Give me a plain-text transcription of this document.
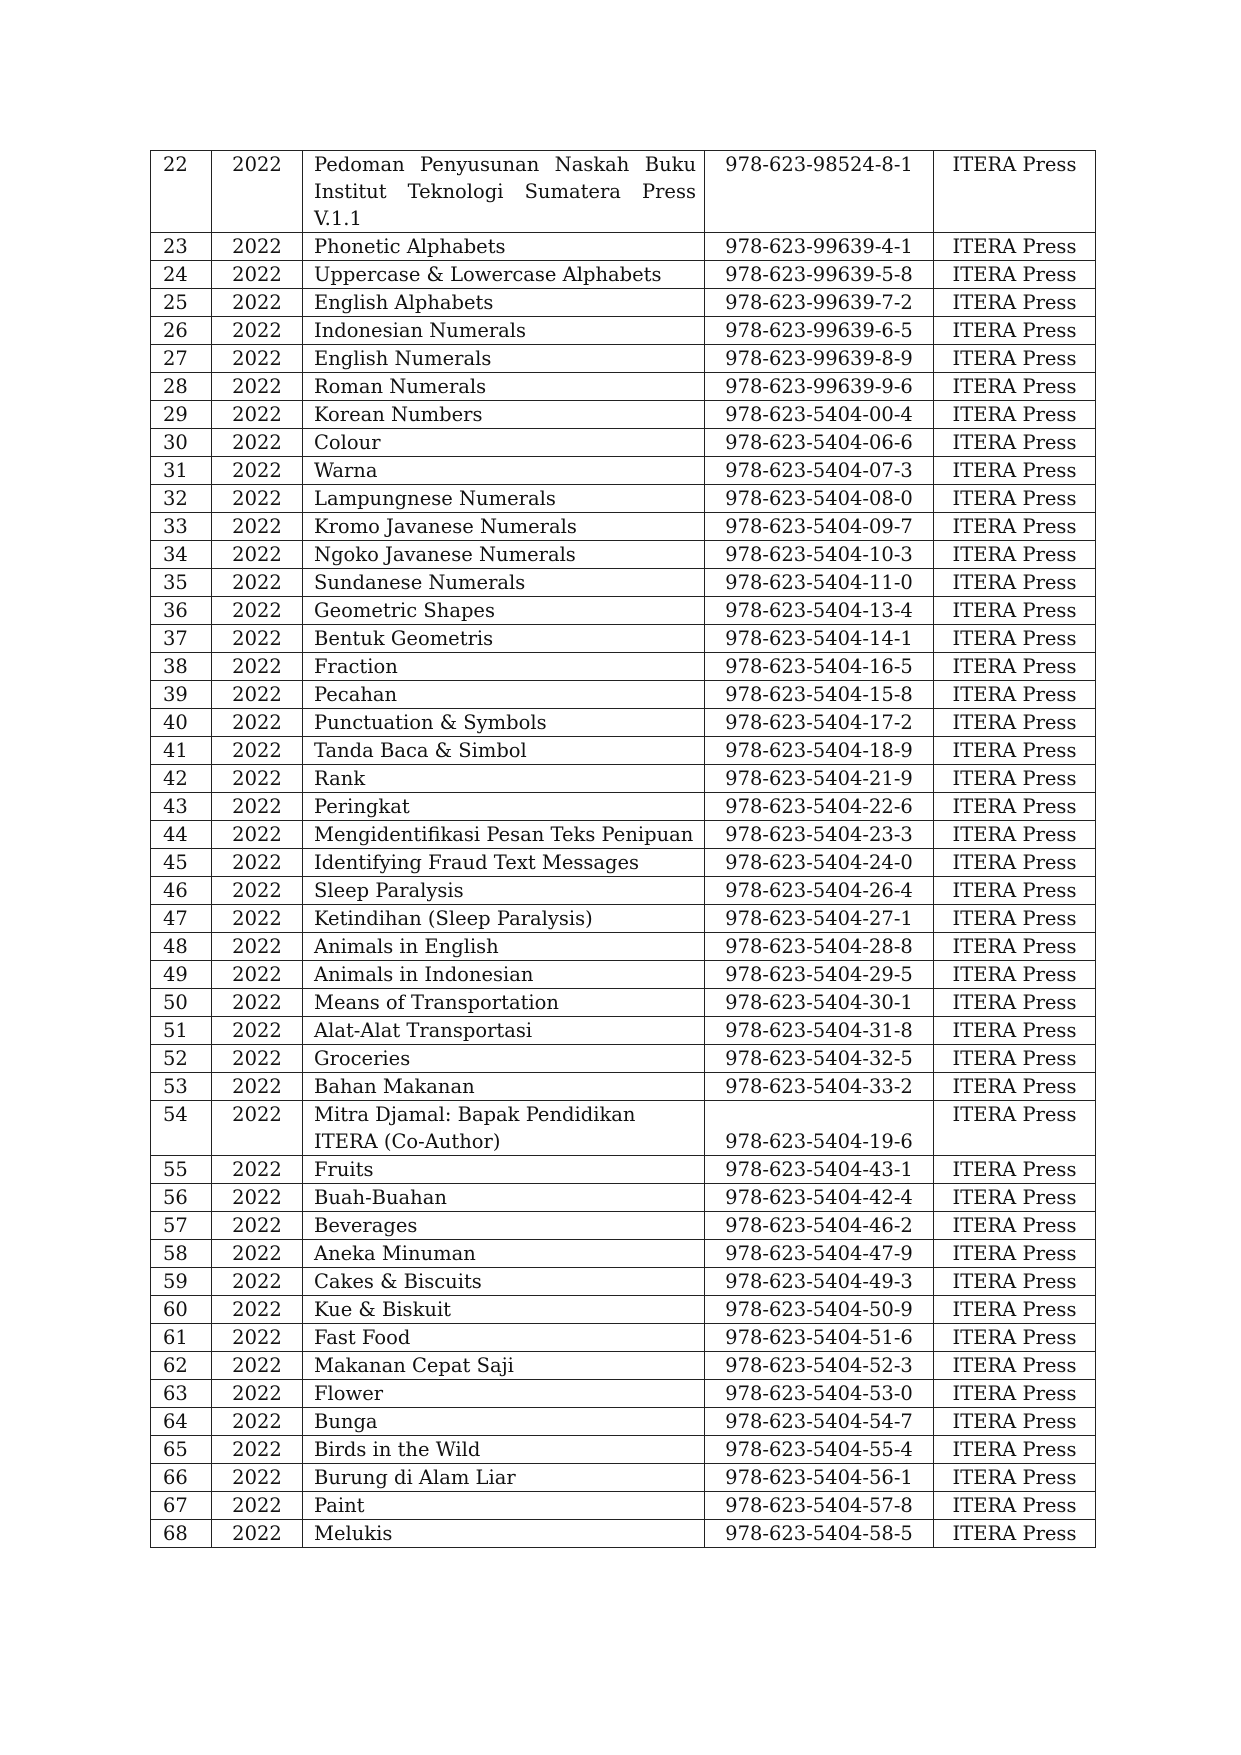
22	2022	Pedoman Penyusunan Naskah Buku Institut Teknologi Sumatera Press V.1.1	978-623-98524-8-1	ITERA Press
23	2022	Phonetic Alphabets	978-623-99639-4-1	ITERA Press
24	2022	Uppercase & Lowercase Alphabets	978-623-99639-5-8	ITERA Press
25	2022	English Alphabets	978-623-99639-7-2	ITERA Press
26	2022	Indonesian Numerals	978-623-99639-6-5	ITERA Press
27	2022	English Numerals	978-623-99639-8-9	ITERA Press
28	2022	Roman Numerals	978-623-99639-9-6	ITERA Press
29	2022	Korean Numbers	978-623-5404-00-4	ITERA Press
30	2022	Colour	978-623-5404-06-6	ITERA Press
31	2022	Warna	978-623-5404-07-3	ITERA Press
32	2022	Lampungnese Numerals	978-623-5404-08-0	ITERA Press
33	2022	Kromo Javanese Numerals	978-623-5404-09-7	ITERA Press
34	2022	Ngoko Javanese Numerals	978-623-5404-10-3	ITERA Press
35	2022	Sundanese Numerals	978-623-5404-11-0	ITERA Press
36	2022	Geometric Shapes	978-623-5404-13-4	ITERA Press
37	2022	Bentuk Geometris	978-623-5404-14-1	ITERA Press
38	2022	Fraction	978-623-5404-16-5	ITERA Press
39	2022	Pecahan	978-623-5404-15-8	ITERA Press
40	2022	Punctuation & Symbols	978-623-5404-17-2	ITERA Press
41	2022	Tanda Baca & Simbol	978-623-5404-18-9	ITERA Press
42	2022	Rank	978-623-5404-21-9	ITERA Press
43	2022	Peringkat	978-623-5404-22-6	ITERA Press
44	2022	Mengidentifikasi Pesan Teks Penipuan	978-623-5404-23-3	ITERA Press
45	2022	Identifying Fraud Text Messages	978-623-5404-24-0	ITERA Press
46	2022	Sleep Paralysis	978-623-5404-26-4	ITERA Press
47	2022	Ketindihan (Sleep Paralysis)	978-623-5404-27-1	ITERA Press
48	2022	Animals in English	978-623-5404-28-8	ITERA Press
49	2022	Animals in Indonesian	978-623-5404-29-5	ITERA Press
50	2022	Means of Transportation	978-623-5404-30-1	ITERA Press
51	2022	Alat-Alat Transportasi	978-623-5404-31-8	ITERA Press
52	2022	Groceries	978-623-5404-32-5	ITERA Press
53	2022	Bahan Makanan	978-623-5404-33-2	ITERA Press
54	2022	Mitra Djamal: Bapak Pendidikan ITERA (Co-Author)	978-623-5404-19-6	ITERA Press
55	2022	Fruits	978-623-5404-43-1	ITERA Press
56	2022	Buah-Buahan	978-623-5404-42-4	ITERA Press
57	2022	Beverages	978-623-5404-46-2	ITERA Press
58	2022	Aneka Minuman	978-623-5404-47-9	ITERA Press
59	2022	Cakes & Biscuits	978-623-5404-49-3	ITERA Press
60	2022	Kue & Biskuit	978-623-5404-50-9	ITERA Press
61	2022	Fast Food	978-623-5404-51-6	ITERA Press
62	2022	Makanan Cepat Saji	978-623-5404-52-3	ITERA Press
63	2022	Flower	978-623-5404-53-0	ITERA Press
64	2022	Bunga	978-623-5404-54-7	ITERA Press
65	2022	Birds in the Wild	978-623-5404-55-4	ITERA Press
66	2022	Burung di Alam Liar	978-623-5404-56-1	ITERA Press
67	2022	Paint	978-623-5404-57-8	ITERA Press
68	2022	Melukis	978-623-5404-58-5	ITERA Press
